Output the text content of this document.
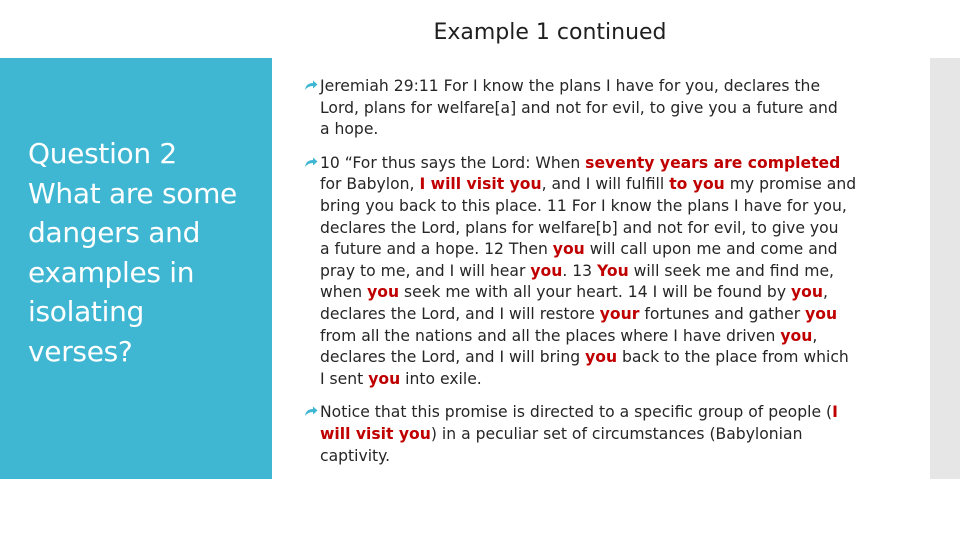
Example 1 continued

Question 2
What are some
dangers and
examples in
isolating
verses?

Jeremiah 29:11 For I know the plans I have for you, declares the
Lord, plans for welfare[a] and not for evil, to give you a future and
a hope.
10 “For thus says the Lord: When seventy years are completed
for Babylon, I will visit you, and I will fulfill to you my promise and
bring you back to this place. 11 For I know the plans I have for you,
declares the Lord, plans for welfare[b] and not for evil, to give you
a future and a hope. 12 Then you will call upon me and come and
pray to me, and I will hear you. 13 You will seek me and find me,
when you seek me with all your heart. 14 I will be found by you,
declares the Lord, and I will restore your fortunes and gather you
from all the nations and all the places where I have driven you,
declares the Lord, and I will bring you back to the place from which
I sent you into exile.
Notice that this promise is directed to a specific group of people (I
will visit you) in a peculiar set of circumstances (Babylonian
captivity.
